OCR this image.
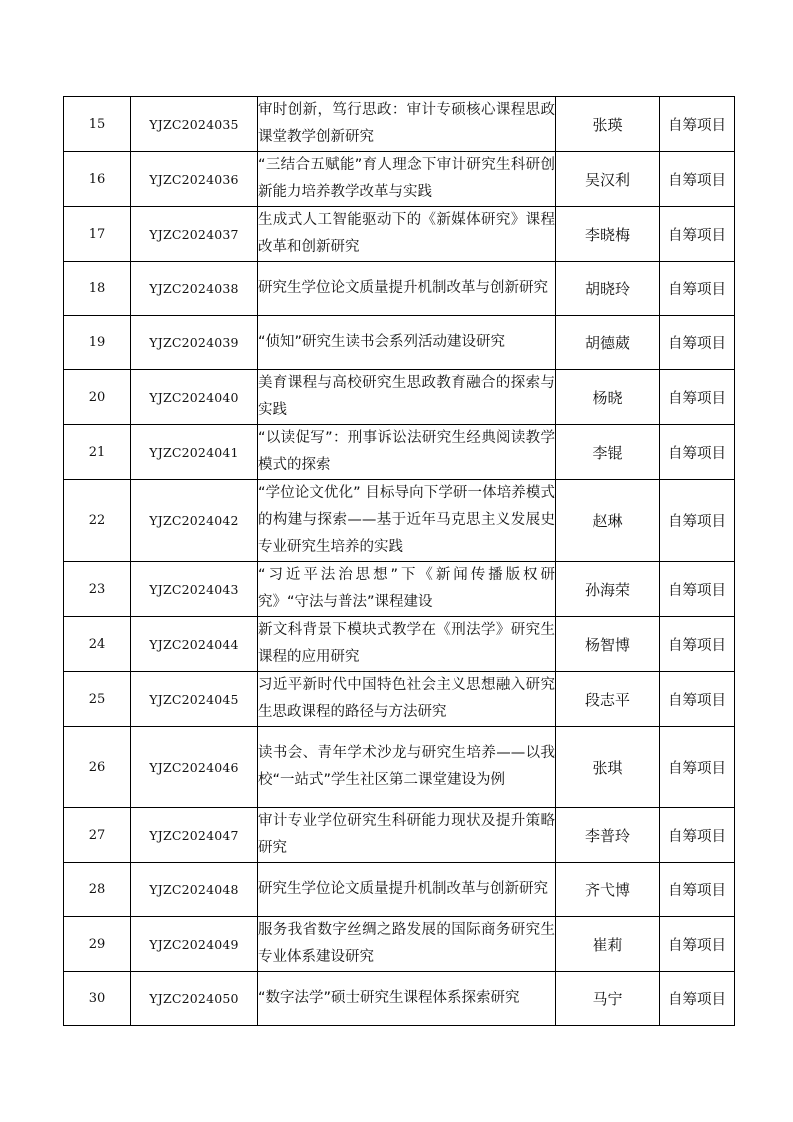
15	YJZC2024035	审时创新，笃行思政：审计专硕核心课程思政课堂教学创新研究	张瑛	自筹项目
16	YJZC2024036	“三结合五赋能”育人理念下审计研究生科研创新能力培养教学改革与实践	吴汉利	自筹项目
17	YJZC2024037	生成式人工智能驱动下的《新媒体研究》课程改革和创新研究	李晓梅	自筹项目
18	YJZC2024038	研究生学位论文质量提升机制改革与创新研究	胡晓玲	自筹项目
19	YJZC2024039	“侦知”研究生读书会系列活动建设研究	胡德葳	自筹项目
20	YJZC2024040	美育课程与高校研究生思政教育融合的探索与实践	杨晓	自筹项目
21	YJZC2024041	“以读促写”：刑事诉讼法研究生经典阅读教学模式的探索	李锟	自筹项目
22	YJZC2024042	“学位论文优化” 目标导向下学研一体培养模式的构建与探索——基于近年马克思主义发展史专业研究生培养的实践	赵琳	自筹项目
23	YJZC2024043	“习近平法治思想”下《新闻传播版权研究》“守法与普法”课程建设	孙海荣	自筹项目
24	YJZC2024044	新文科背景下模块式教学在《刑法学》研究生课程的应用研究	杨智博	自筹项目
25	YJZC2024045	习近平新时代中国特色社会主义思想融入研究生思政课程的路径与方法研究	段志平	自筹项目
26	YJZC2024046	读书会、青年学术沙龙与研究生培养——以我校“一站式”学生社区第二课堂建设为例	张琪	自筹项目
27	YJZC2024047	审计专业学位研究生科研能力现状及提升策略研究	李普玲	自筹项目
28	YJZC2024048	研究生学位论文质量提升机制改革与创新研究	齐弋博	自筹项目
29	YJZC2024049	服务我省数字丝绸之路发展的国际商务研究生专业体系建设研究	崔莉	自筹项目
30	YJZC2024050	“数字法学”硕士研究生课程体系探索研究	马宁	自筹项目
